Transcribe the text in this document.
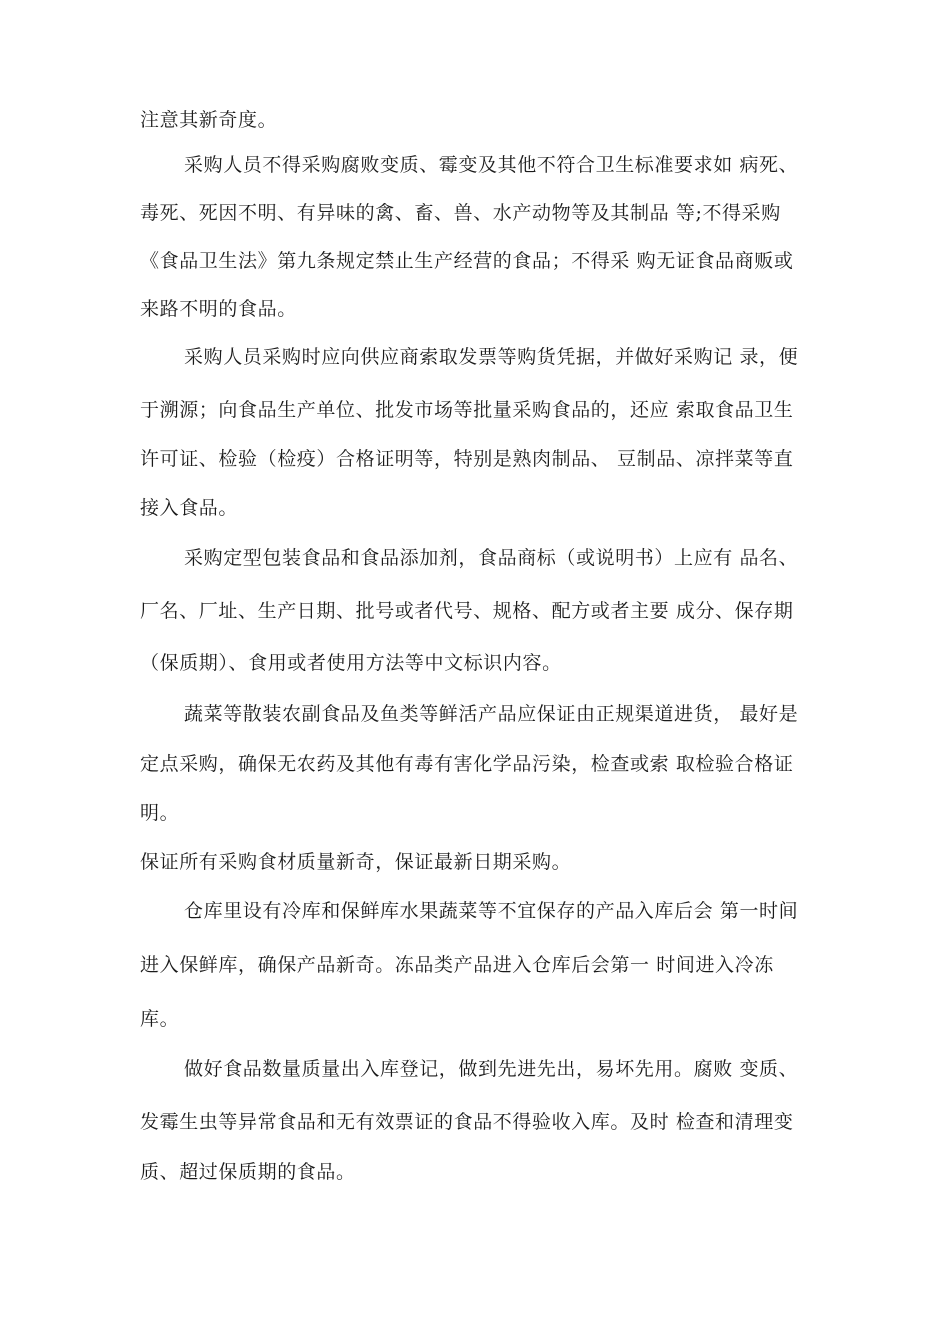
注意其新奇度。
采购人员不得采购腐败变质、霉变及其他不符合卫生标准要求如 病死、
毒死、死因不明、有异味的禽、畜、兽、水产动物等及其制品 等;不得采购
《食品卫生法》第九条规定禁止生产经营的食品；不得采 购无证食品商贩或
来路不明的食品。
采购人员采购时应向供应商索取发票等购货凭据，并做好采购记 录，便
于溯源；向食品生产单位、批发市场等批量采购食品的，还应 索取食品卫生
许可证、检验（检疫）合格证明等，特别是熟肉制品、 豆制品、凉拌菜等直
接入食品。
采购定型包装食品和食品添加剂，食品商标（或说明书）上应有 品名、
厂名、厂址、生产日期、批号或者代号、规格、配方或者主要 成分、保存期
（保质期）、食用或者使用方法等中文标识内容。
蔬菜等散装农副食品及鱼类等鲜活产品应保证由正规渠道进货， 最好是
定点采购，确保无农药及其他有毒有害化学品污染，检查或索 取检验合格证
明。
保证所有采购食材质量新奇，保证最新日期采购。
仓库里设有冷库和保鲜库水果蔬菜等不宜保存的产品入库后会 第一时间
进入保鲜库，确保产品新奇。冻品类产品进入仓库后会第一 时间进入冷冻
库。
做好食品数量质量出入库登记，做到先进先出，易坏先用。腐败 变质、
发霉生虫等异常食品和无有效票证的食品不得验收入库。及时 检查和清理变
质、超过保质期的食品。
